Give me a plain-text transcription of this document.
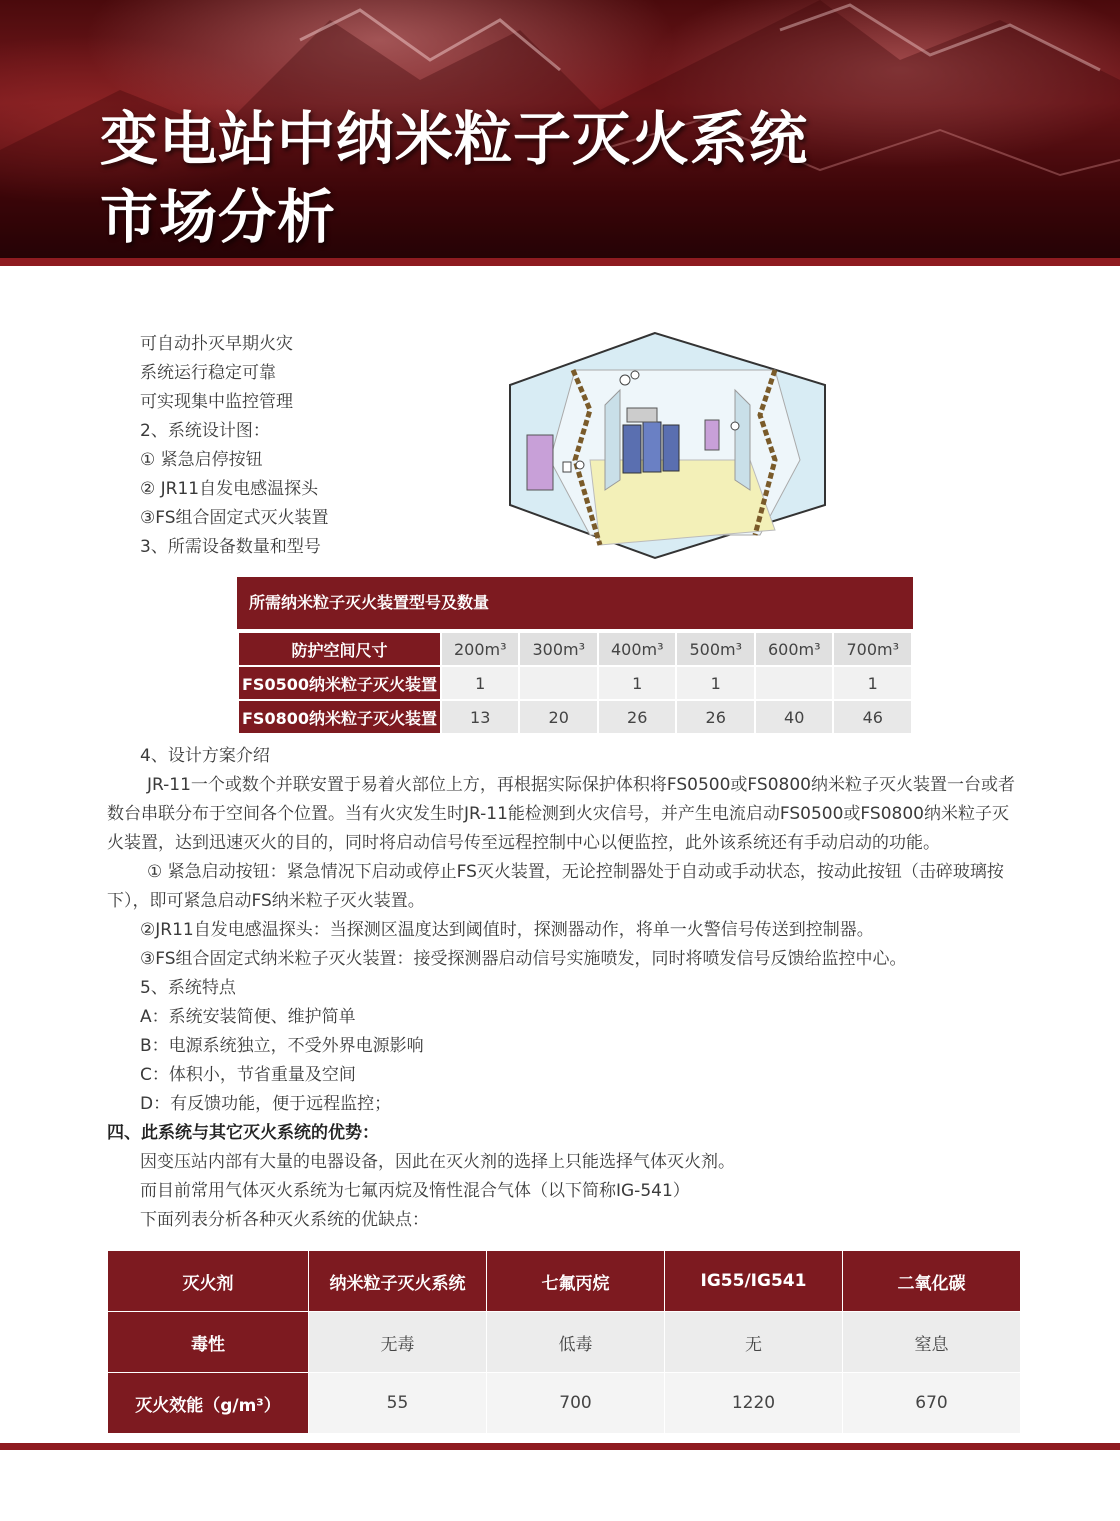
变电站中纳米粒子灭火系统
市场分析
可自动扑灭早期火灾
系统运行稳定可靠
可实现集中监控管理
2、系统设计图：
① 紧急启停按钮
② JR11自发电感温探头
③FS组合固定式灭火装置
3、所需设备数量和型号
所需纳米粒子灭火装置型号及数量
防护空间尺寸	200m³	300m³	400m³	500m³	600m³	700m³
FS0500纳米粒子灭火装置	1		1	1		1
FS0800纳米粒子灭火装置	13	20	26	26	40	46

4、设计方案介绍

JR-11一个或数个并联安置于易着火部位上方，再根据实际保护体积将FS0500或FS0800纳米粒子灭火装置一台或者数台串联分布于空间各个位置。当有火灾发生时JR-11能检测到火灾信号，并产生电流启动FS0500或FS0800纳米粒子灭火装置，达到迅速灭火的目的，同时将启动信号传至远程控制中心以便监控，此外该系统还有手动启动的功能。

① 紧急启动按钮：紧急情况下启动或停止FS灭火装置，无论控制器处于自动或手动状态，按动此按钮（击碎玻璃按下），即可紧急启动FS纳米粒子灭火装置。

②JR11自发电感温探头：当探测区温度达到阈值时，探测器动作，将单一火警信号传送到控制器。

③FS组合固定式纳米粒子灭火装置：接受探测器启动信号实施喷发，同时将喷发信号反馈给监控中心。

5、系统特点

A：系统安装简便、维护简单

B：电源系统独立，不受外界电源影响

C：体积小，节省重量及空间

D：有反馈功能，便于远程监控；

四、此系统与其它灭火系统的优势：

因变压站内部有大量的电器设备，因此在灭火剂的选择上只能选择气体灭火剂。

而目前常用气体灭火系统为七氟丙烷及惰性混合气体（以下简称IG-541）

下面列表分析各种灭火系统的优缺点：

灭火剂	纳米粒子灭火系统	七氟丙烷	IG55/IG541	二氧化碳
毒性	无毒	低毒	无	窒息
灭火效能（g/m³）	55	700	1220	670
